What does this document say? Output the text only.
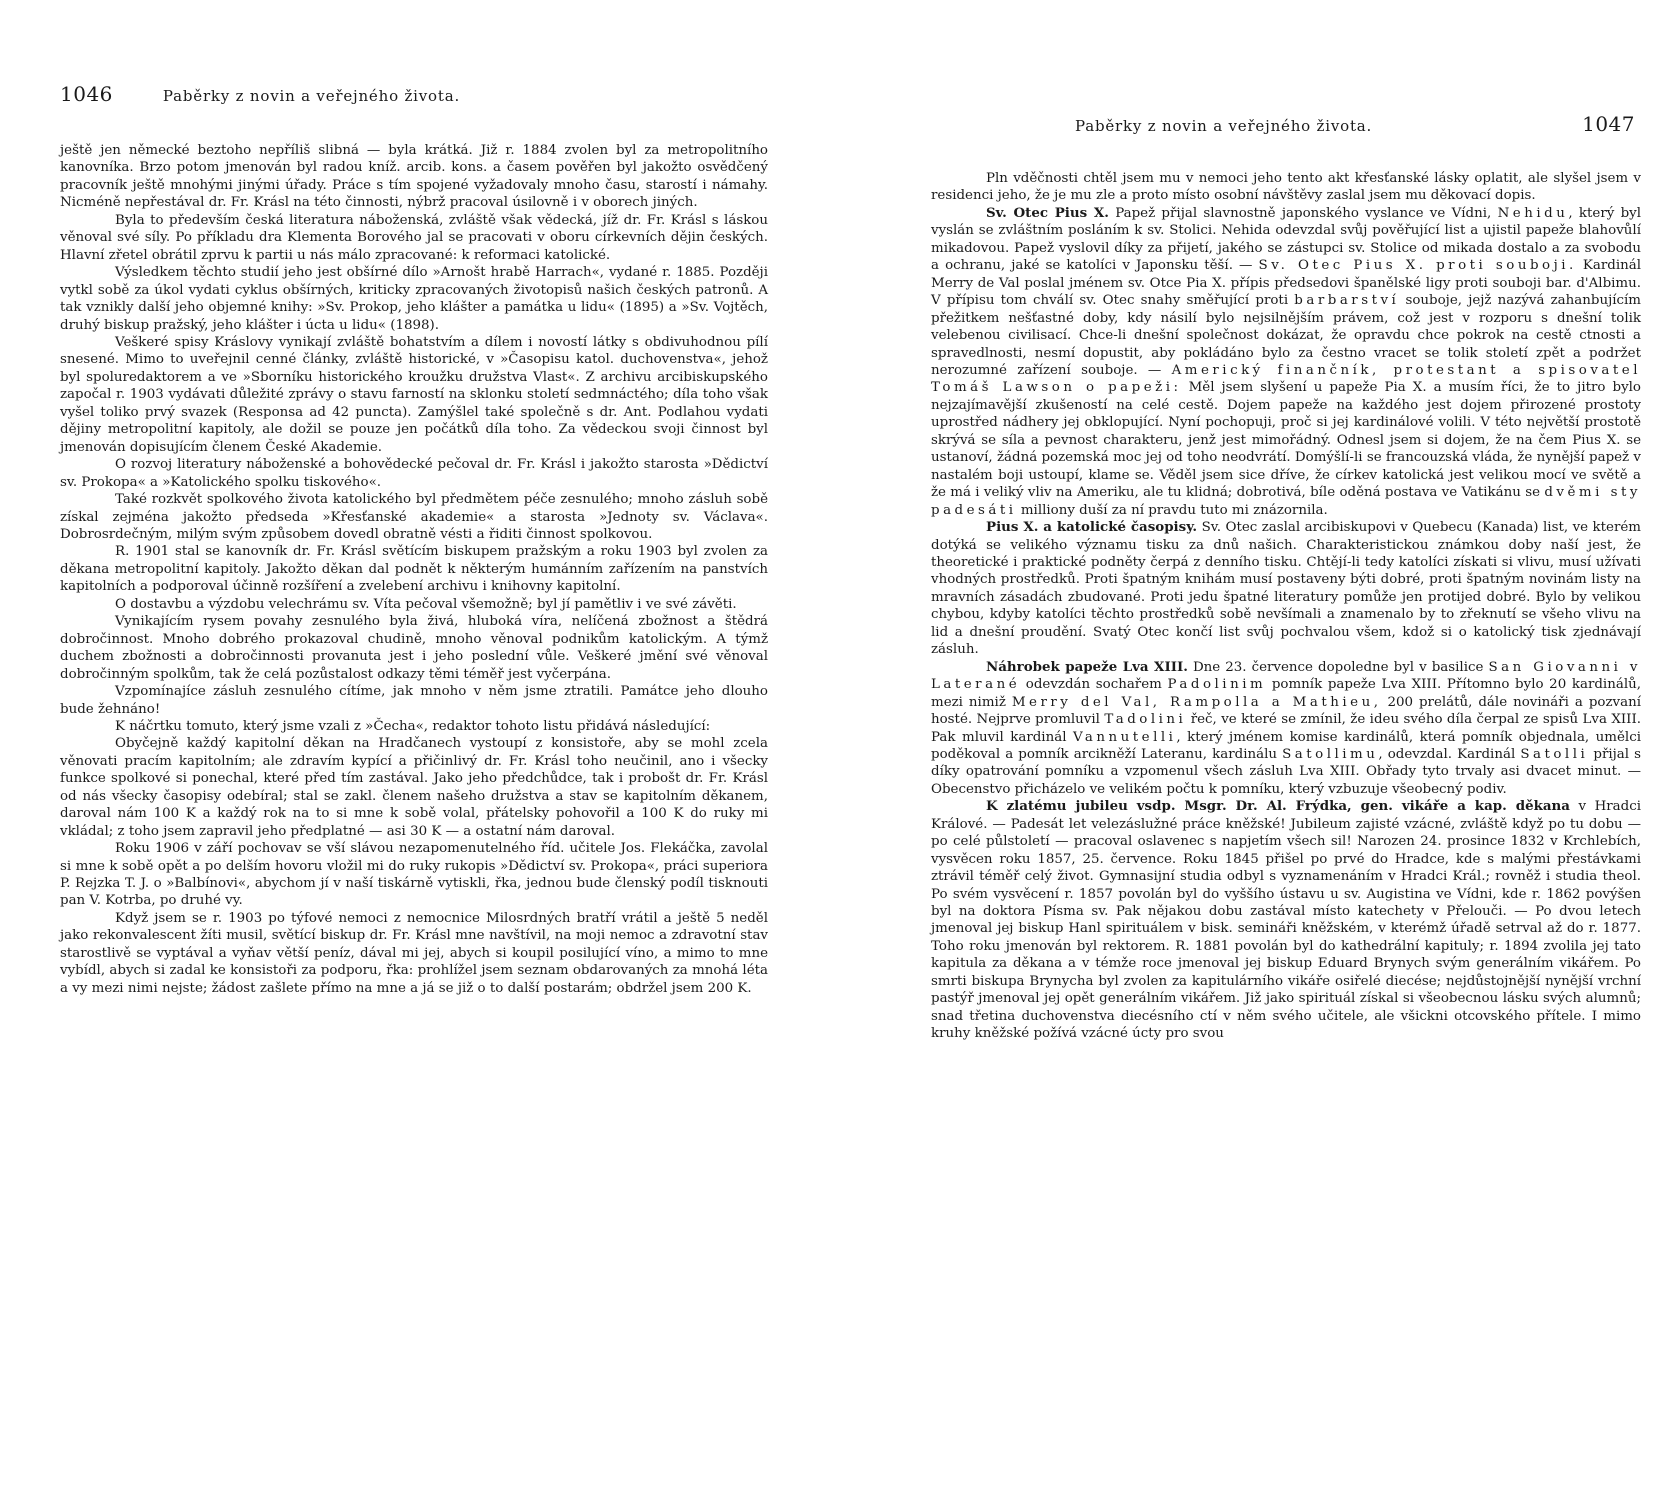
1046	Paběrky z novin a veřejného života.

ještě jen německé beztoho nepříliš slibná — byla krátká. Již r. 1884 zvolen byl za metropolitního kanovníka. Brzo potom jmenován byl radou kníž. arcib. kons. a časem pověřen byl jakožto osvědčený pracovník ještě mnohými jinými úřady. Práce s tím spojené vyžadovaly mnoho času, starostí i námahy. Nicméně nepřestával dr. Fr. Krásl na této činnosti, nýbrž pracoval úsilovně i v oborech jiných.

Byla to především česká literatura náboženská, zvláště však vědecká, jíž dr. Fr. Krásl s láskou věnoval své síly. Po příkladu dra Klementa Borového jal se pracovati v oboru církevních dějin českých. Hlavní zřetel obrátil zprvu k partii u nás málo zpracované: k reformaci katolické.

Výsledkem těchto studií jeho jest obšírné dílo »Arnošt hrabě Harrach«, vydané r. 1885. Později vytkl sobě za úkol vydati cyklus obšírných, kriticky zpracovaných životopisů našich českých patronů. A tak vznikly další jeho objemné knihy: »Sv. Prokop, jeho klášter a památka u lidu« (1895) a »Sv. Vojtěch, druhý biskup pražský, jeho klášter i úcta u lidu« (1898).

Veškeré spisy Kráslovy vynikají zvláště bohatstvím a dílem i novostí látky s obdivuhodnou pílí snesené. Mimo to uveřejnil cenné články, zvláště historické, v »Časopisu katol. duchovenstva«, jehož byl spoluredaktorem a ve »Sborníku historického kroužku družstva Vlast«. Z archivu arcibiskupského započal r. 1903 vydávati důležité zprávy o stavu farností na sklonku století sedmnáctého; díla toho však vyšel toliko prvý svazek (Responsa ad 42 puncta). Zamýšlel také společně s dr. Ant. Podlahou vydati dějiny metropolitní kapitoly, ale dožil se pouze jen počátků díla toho. Za vědeckou svoji činnost byl jmenován dopisujícím členem České Akademie.

O rozvoj literatury náboženské a bohovědecké pečoval dr. Fr. Krásl i jakožto starosta »Dědictví sv. Prokopa« a »Katolického spolku tiskového«.

Také rozkvět spolkového života katolického byl předmětem péče zesnulého; mnoho zásluh sobě získal zejména jakožto předseda »Křesťanské akademie« a starosta »Jednoty sv. Václava«. Dobrosrdečným, milým svým způsobem dovedl obratně vésti a řiditi činnost spolkovou.

R. 1901 stal se kanovník dr. Fr. Krásl světícím biskupem pražským a roku 1903 byl zvolen za děkana metropolitní kapitoly. Jakožto děkan dal podnět k některým humánním zařízením na panstvích kapitolních a podporoval účinně rozšíření a zvelebení archivu i knihovny kapitolní.

O dostavbu a výzdobu velechrámu sv. Víta pečoval všemožně; byl jí pamětliv i ve své závěti.

Vynikajícím rysem povahy zesnulého byla živá, hluboká víra, nelíčená zbožnost a štědrá dobročinnost. Mnoho dobrého prokazoval chudině, mnoho věnoval podnikům katolickým. A týmž duchem zbožnosti a dobročinnosti provanuta jest i jeho poslední vůle. Veškeré jmění své věnoval dobročinným spolkům, tak že celá pozůstalost odkazy těmi téměř jest vyčerpána.

Vzpomínajíce zásluh zesnulého cítíme, jak mnoho v něm jsme ztratili. Památce jeho dlouho bude žehnáno!

K náčrtku tomuto, který jsme vzali z »Čecha«, redaktor tohoto listu přidává následující:

Obyčejně každý kapitolní děkan na Hradčanech vystoupí z konsistoře, aby se mohl zcela věnovati pracím kapitolním; ale zdravím kypící a přičinlivý dr. Fr. Krásl toho neučinil, ano i všecky funkce spolkové si ponechal, které před tím zastával. Jako jeho předchůdce, tak i probošt dr. Fr. Krásl od nás všecky časopisy odebíral; stal se zakl. členem našeho družstva a stav se kapitolním děkanem, daroval nám 100 K a každý rok na to si mne k sobě volal, přátelsky pohovořil a 100 K do ruky mi vkládal; z toho jsem zapravil jeho předplatné — asi 30 K — a ostatní nám daroval.

Roku 1906 v září pochovav se vší slávou nezapomenutelného říd. učitele Jos. Flekáčka, zavolal si mne k sobě opět a po delším hovoru vložil mi do ruky rukopis »Dědictví sv. Prokopa«, práci superiora P. Rejzka T. J. o »Balbínovi«, abychom jí v naší tiskárně vytiskli, řka, jednou bude členský podíl tisknouti pan V. Kotrba, po druhé vy.

Když jsem se r. 1903 po týfové nemoci z nemocnice Milosrdných bratří vrátil a ještě 5 neděl jako rekonvalescent žíti musil, světící biskup dr. Fr. Krásl mne navštívil, na moji nemoc a zdravotní stav starostlivě se vyptával a vyňav větší peníz, dával mi jej, abych si koupil posilující víno, a mimo to mne vybídl, abych si zadal ke konsistoři za podporu, řka: prohlížel jsem seznam obdarovaných za mnohá léta a vy mezi nimi nejste; žádost zašlete přímo na mne a já se již o to další postarám; obdržel jsem 200 K.

Paběrky z novin a veřejného života.	1047

Pln vděčnosti chtěl jsem mu v nemoci jeho tento akt křesťanské lásky oplatit, ale slyšel jsem v residenci jeho, že je mu zle a proto místo osobní návštěvy zaslal jsem mu děkovací dopis.

Sv. Otec Pius X. Papež přijal slavnostně japonského vyslance ve Vídni, Nehidu, který byl vyslán se zvláštním posláním k sv. Stolici. Nehida odevzdal svůj pověřující list a ujistil papeže blahovůlí mikadovou. Papež vyslovil díky za přijetí, jakého se zástupci sv. Stolice od mikada dostalo a za svobodu a ochranu, jaké se katolíci v Japonsku těší. — Sv. Otec Pius X. proti souboji. Kardinál Merry de Val poslal jménem sv. Otce Pia X. přípis předsedovi španělské ligy proti souboji bar. d'Albimu. V přípisu tom chválí sv. Otec snahy směřující proti barbarství souboje, jejž nazývá zahanbujícím přežitkem nešťastné doby, kdy násilí bylo nejsilnějším právem, což jest v rozporu s dnešní tolik velebenou civilisací. Chce-li dnešní společnost dokázat, že opravdu chce pokrok na cestě ctnosti a spravedlnosti, nesmí dopustit, aby pokládáno bylo za čestno vracet se tolik století zpět a podržet nerozumné zařízení souboje. — Americký finančník, protestant a spisovatel Tomáš Lawson o papeži: Měl jsem slyšení u papeže Pia X. a musím říci, že to jitro bylo nejzajímavější zkušeností na celé cestě. Dojem papeže na každého jest dojem přirozené prostoty uprostřed nádhery jej obklopující. Nyní pochopuji, proč si jej kardinálové volili. V této největší prostotě skrývá se síla a pevnost charakteru, jenž jest mimořádný. Odnesl jsem si dojem, že na čem Pius X. se ustanoví, žádná pozemská moc jej od toho neodvrátí. Domýšlí-li se francouzská vláda, že nynější papež v nastalém boji ustoupí, klame se. Věděl jsem sice dříve, že církev katolická jest velikou mocí ve světě a že má i veliký vliv na Ameriku, ale tu klidná; dobrotivá, bíle oděná postava ve Vatikánu se dvěmi sty padesáti milliony duší za ní pravdu tuto mi znázornila.

Pius X. a katolické časopisy. Sv. Otec zaslal arcibiskupovi v Quebecu (Kanada) list, ve kterém dotýká se velikého významu tisku za dnů našich. Charakteristickou známkou doby naší jest, že theoretické i praktické podněty čerpá z denního tisku. Chtějí-li tedy katolíci získati si vlivu, musí užívati vhodných prostředků. Proti špatným knihám musí postaveny býti dobré, proti špatným novinám listy na mravních zásadách zbudované. Proti jedu špatné literatury pomůže jen protijed dobré. Bylo by velikou chybou, kdyby katolíci těchto prostředků sobě nevšímali a znamenalo by to zřeknutí se všeho vlivu na lid a dnešní proudění. Svatý Otec končí list svůj pochvalou všem, kdož si o katolický tisk zjednávají zásluh.

Náhrobek papeže Lva XIII. Dne 23. července dopoledne byl v basilice San Giovanni v Laterané odevzdán sochařem Padolinim pomník papeže Lva XIII. Přítomno bylo 20 kardinálů, mezi nimiž Merry del Val, Rampolla a Mathieu, 200 prelátů, dále novináři a pozvaní hosté. Nejprve promluvil Tadolini řeč, ve které se zmínil, že ideu svého díla čerpal ze spisů Lva XIII. Pak mluvil kardinál Vannutelli, který jménem komise kardinálů, která pomník objednala, umělci poděkoval a pomník arcikněží Lateranu, kardinálu Satollimu, odevzdal. Kardinál Satolli přijal s díky opatrování pomníku a vzpomenul všech zásluh Lva XIII. Obřady tyto trvaly asi dvacet minut. — Obecenstvo přicházelo ve velikém počtu k pomníku, který vzbuzuje všeobecný podiv.

K zlatému jubileu vsdp. Msgr. Dr. Al. Frýdka, gen. vikáře a kap. děkana v Hradci Králové. — Padesát let velezáslužné práce kněžské! Jubileum zajisté vzácné, zvláště když po tu dobu — po celé půlstoletí — pracoval oslavenec s napjetím všech sil! Narozen 24. prosince 1832 v Krchlebích, vysvěcen roku 1857, 25. července. Roku 1845 přišel po prvé do Hradce, kde s malými přestávkami ztrávil téměř celý život. Gymnasijní studia odbyl s vyznamenáním v Hradci Král.; rovněž i studia theol. Po svém vysvěcení r. 1857 povolán byl do vyššího ústavu u sv. Augistina ve Vídni, kde r. 1862 povýšen byl na doktora Písma sv. Pak nějakou dobu zastával místo katechety v Přelouči. — Po dvou letech jmenoval jej biskup Hanl spirituálem v bisk. semináři kněžském, v kterémž úřadě setrval až do r. 1877. Toho roku jmenován byl rektorem. R. 1881 povolán byl do kathedrální kapituly; r. 1894 zvolila jej tato kapitula za děkana a v témže roce jmenoval jej biskup Eduard Brynych svým generálním vikářem. Po smrti biskupa Brynycha byl zvolen za kapitulárního vikáře osiřelé diecése; nejdůstojnější nynější vrchní pastýř jmenoval jej opět generálním vikářem. Již jako spirituál získal si všeobecnou lásku svých alumnů; snad třetina duchovenstva diecésního ctí v něm svého učitele, ale všickni otcovského přítele. I mimo kruhy kněžské požívá vzácné úcty pro svou
